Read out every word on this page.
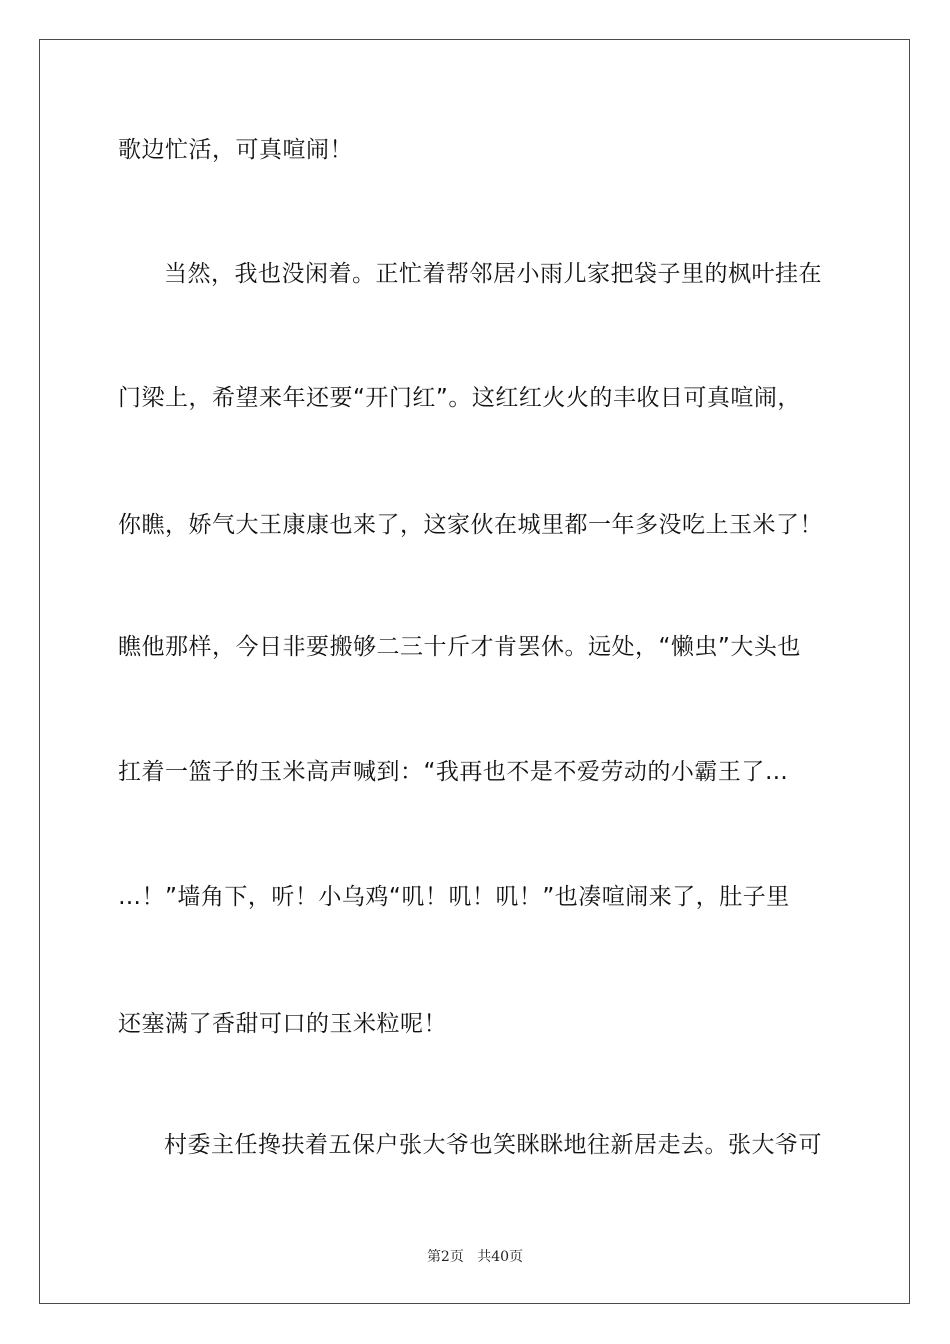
歌边忙活，可真喧闹！
当然，我也没闲着。正忙着帮邻居小雨儿家把袋子里的枫叶挂在
门梁上，希望来年还要“开门红”。这红红火火的丰收日可真喧闹，
你瞧，娇气大王康康也来了，这家伙在城里都一年多没吃上玉米了！
瞧他那样，今日非要搬够二三十斤才肯罢休。远处，“懒虫”大头也
扛着一篮子的玉米高声喊到：“我再也不是不爱劳动的小霸王了…
…！”墙角下，听！小乌鸡“叽！叽！叽！”也凑喧闹来了，肚子里
还塞满了香甜可口的玉米粒呢！
村委主任搀扶着五保户张大爷也笑眯眯地往新居走去。张大爷可
第2页 共40页
